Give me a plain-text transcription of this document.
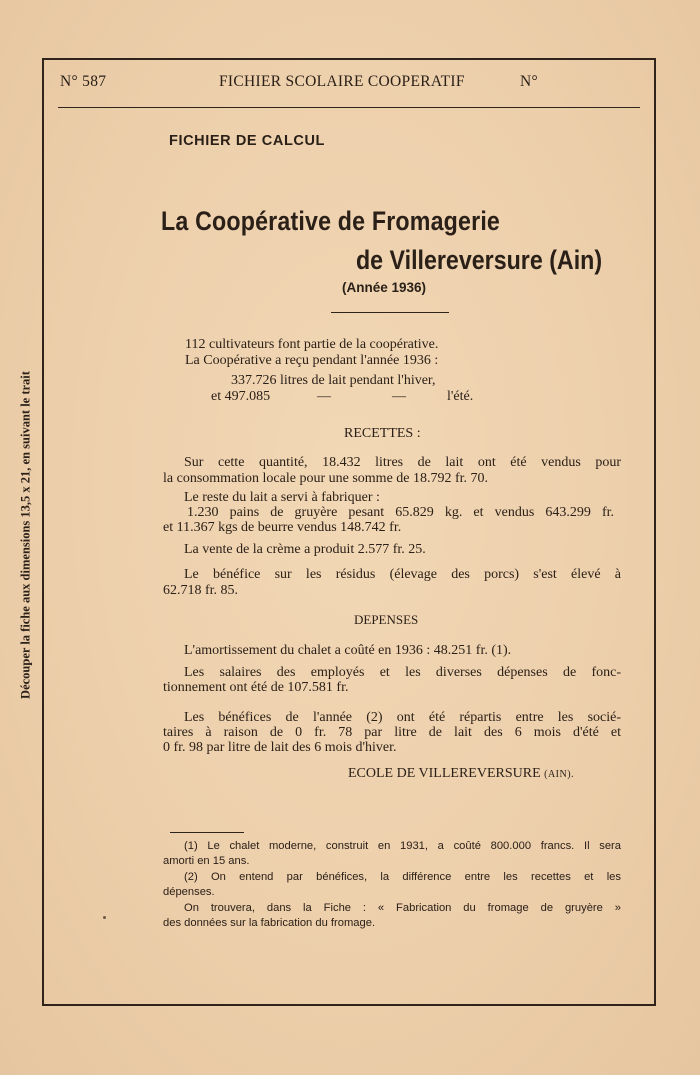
Découper la fiche aux dimensions 13,5 x 21, en suivant le trait
N° 587	FICHIER SCOLAIRE COOPERATIF	N°
FICHIER DE CALCUL
La Coopérative de Fromagerie
de Villereversure (Ain)
(Année 1936)
112 cultivateurs font partie de la coopérative.
La Coopérative a reçu pendant l'année 1936 :
337.726 litres de lait pendant l'hiver,
et 497.085	—	—	l'été.
RECETTES :
Sur cette quantité, 18.432 litres de lait ont été vendus pour
la consommation locale pour une somme de 18.792 fr. 70.
Le reste du lait a servi à fabriquer :
1.230 pains de gruyère pesant 65.829 kg. et vendus 643.299 fr.
et 11.367 kgs de beurre vendus 148.742 fr.
La vente de la crème a produit 2.577 fr. 25.
Le bénéfice sur les résidus (élevage des porcs) s'est élevé à
62.718 fr. 85.
DEPENSES
L'amortissement du chalet a coûté en 1936 : 48.251 fr. (1).
Les salaires des employés et les diverses dépenses de fonc-
tionnement ont été de 107.581 fr.
Les bénéfices de l'année (2) ont été répartis entre les socié-
taires à raison de 0 fr. 78 par litre de lait des 6 mois d'été et
0 fr. 98 par litre de lait des 6 mois d'hiver.
ECOLE DE VILLEREVERSURE (AIN).
(1) Le chalet moderne, construit en 1931, a coûté 800.000 francs. Il sera
amorti en 15 ans.
(2) On entend par bénéfices, la différence entre les recettes et les
dépenses.
On trouvera, dans la Fiche : « Fabrication du fromage de gruyère »
des données sur la fabrication du fromage.
